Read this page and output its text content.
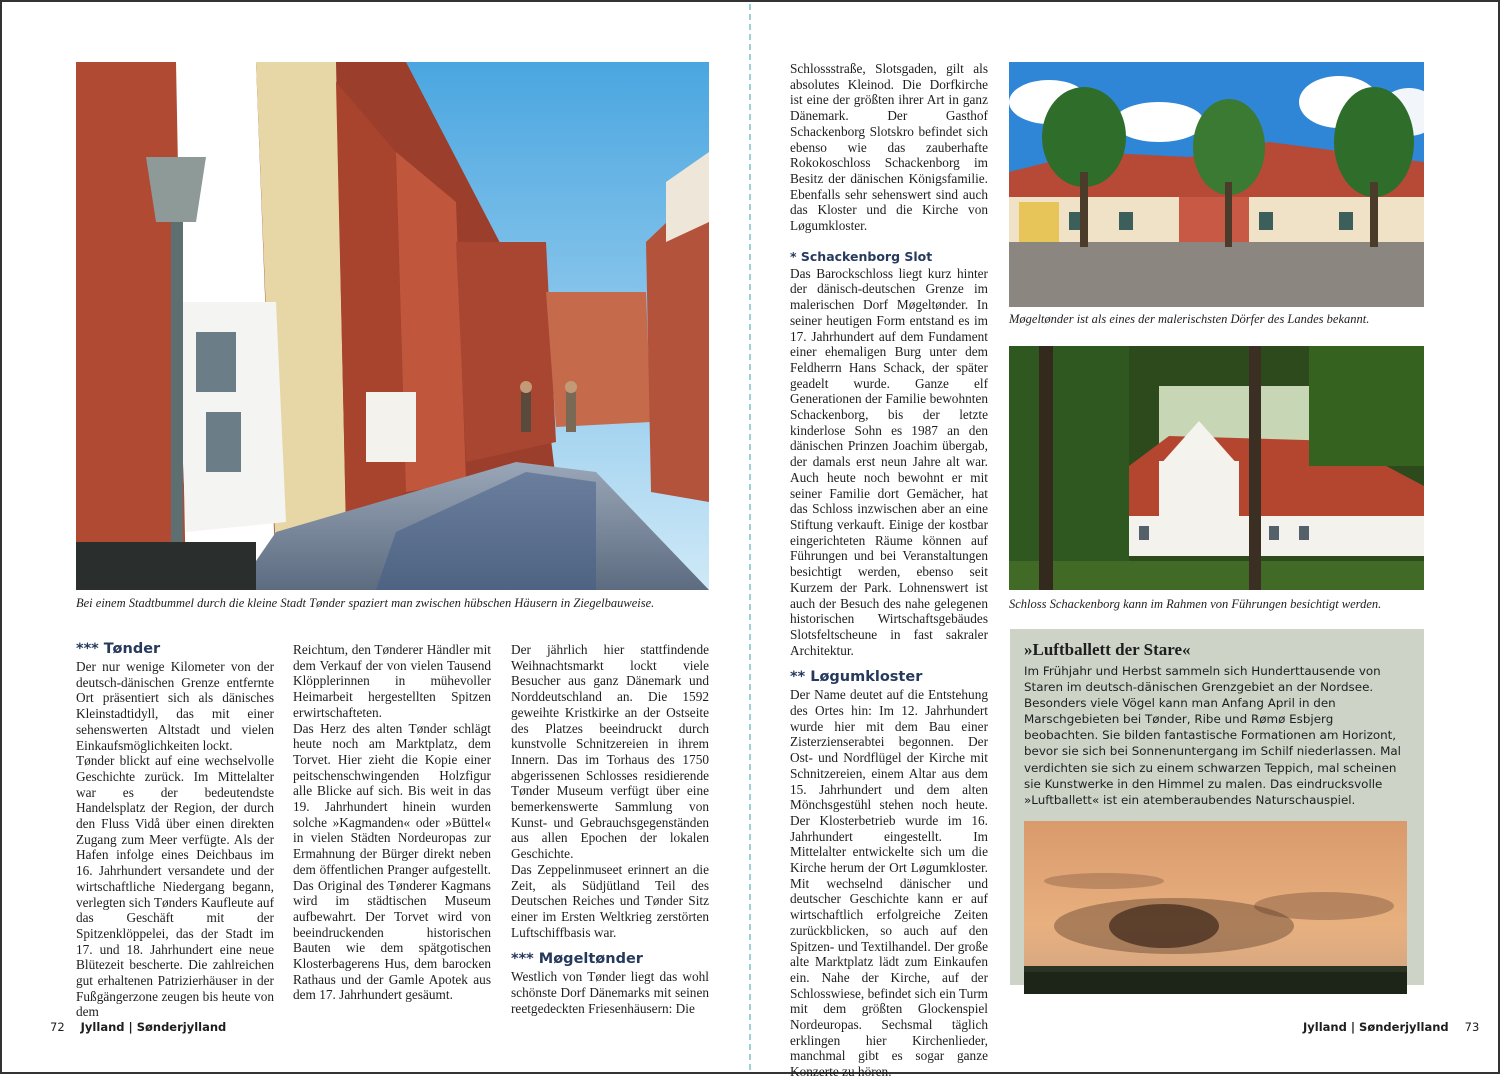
Bei einem Stadtbummel durch die kleine Stadt Tønder spaziert man zwischen hübschen Häusern in Ziegelbauweise.
*** Tønder

Der nur wenige Kilometer von der deutsch-dänischen Grenze entfernte Ort präsentiert sich als dänisches Kleinstadtidyll, das mit einer sehenswerten Altstadt und vielen Einkaufsmöglichkeiten lockt.

Tønder blickt auf eine wechselvolle Geschichte zurück. Im Mittelalter war es der bedeutendste Handelsplatz der Region, der durch den Fluss Vidå über einen direkten Zugang zum Meer verfügte. Als der Hafen infolge eines Deichbaus im 16. Jahrhundert versandete und der wirtschaftliche Niedergang begann, verlegten sich Tønders Kaufleute auf das Geschäft mit der Spitzenklöppelei, das der Stadt im 17. und 18. Jahrhundert eine neue Blütezeit bescherte. Die zahlreichen gut erhaltenen Patrizierhäuser in der Fußgängerzone zeugen bis heute von dem

Reichtum, den Tønderer Händler mit dem Verkauf der von vielen Tausend Klöpplerinnen in mühevoller Heimarbeit hergestellten Spitzen erwirtschafteten.

Das Herz des alten Tønder schlägt heute noch am Marktplatz, dem Torvet. Hier zieht die Kopie einer peitschenschwingenden Holzfigur alle Blicke auf sich. Bis weit in das 19. Jahrhundert hinein wurden solche »Kagmanden« oder »Büttel« in vielen Städten Nordeuropas zur Ermahnung der Bürger direkt neben dem öffentlichen Pranger aufgestellt. Das Original des Tønderer Kagmans wird im städtischen Museum aufbewahrt. Der Torvet wird von beeindruckenden historischen Bauten wie dem spätgotischen Klosterbagerens Hus, dem barocken Rathaus und der Gamle Apotek aus dem 17. Jahrhundert gesäumt.

Der jährlich hier stattfindende Weihnachtsmarkt lockt viele Besucher aus ganz Dänemark und Norddeutschland an. Die 1592 geweihte Kristkirke an der Ostseite des Platzes beeindruckt durch kunstvolle Schnitzereien in ihrem Innern. Das im Torhaus des 1750 abgerissenen Schlosses residierende Tønder Museum verfügt über eine bemerkenswerte Sammlung von Kunst- und Gebrauchsgegenständen aus allen Epochen der lokalen Geschichte.

Das Zeppelinmuseet erinnert an die Zeit, als Südjütland Teil des Deutschen Reiches und Tønder Sitz einer im Ersten Weltkrieg zerstörten Luftschiffbasis war.

*** Møgeltønder

Westlich von Tønder liegt das wohl schönste Dorf Dänemarks mit seinen reetgedeckten Friesenhäusern: Die

72 Jylland | Sønderjylland

Schlossstraße, Slotsgaden, gilt als absolutes Kleinod. Die Dorfkirche ist eine der größten ihrer Art in ganz Dänemark. Der Gasthof Schackenborg Slotskro befindet sich ebenso wie das zauberhafte Rokokoschloss Schackenborg im Besitz der dänischen Königsfamilie. Ebenfalls sehr sehenswert sind auch das Kloster und die Kirche von Løgumkloster.

* Schackenborg Slot

Das Barockschloss liegt kurz hinter der dänisch-deutschen Grenze im malerischen Dorf Møgeltønder. In seiner heutigen Form entstand es im 17. Jahrhundert auf dem Fundament einer ehemaligen Burg unter dem Feldherrn Hans Schack, der später geadelt wurde. Ganze elf Generationen der Familie bewohnten Schackenborg, bis der letzte kinderlose Sohn es 1987 an den dänischen Prinzen Joachim übergab, der damals erst neun Jahre alt war. Auch heute noch bewohnt er mit seiner Familie dort Gemächer, hat das Schloss inzwischen aber an eine Stiftung verkauft. Einige der kostbar eingerichteten Räume können auf Führungen und bei Veranstaltungen besichtigt werden, ebenso seit Kurzem der Park. Lohnenswert ist auch der Besuch des nahe gelegenen historischen Wirtschaftsgebäudes Slotsfeltscheune in fast sakraler Architektur.

** Løgumkloster

Der Name deutet auf die Entstehung des Ortes hin: Im 12. Jahrhundert wurde hier mit dem Bau einer Zisterzienserabtei begonnen. Der Ost- und Nordflügel der Kirche mit Schnitzereien, einem Altar aus dem 15. Jahrhundert und dem alten Mönchsgestühl stehen noch heute. Der Klosterbetrieb wurde im 16. Jahrhundert eingestellt. Im Mittelalter entwickelte sich um die Kirche herum der Ort Løgumkloster. Mit wechselnd dänischer und deutscher Geschichte kann er auf wirtschaftlich erfolgreiche Zeiten zurückblicken, so auch auf den Spitzen- und Textilhandel. Der große alte Marktplatz lädt zum Einkaufen ein. Nahe der Kirche, auf der Schlosswiese, befindet sich ein Turm mit dem größten Glockenspiel Nordeuropas. Sechsmal täglich erklingen hier Kirchenlieder, manchmal gibt es sogar ganze Konzerte zu hören.

Møgeltønder ist als eines der malerischsten Dörfer des Landes bekannt.
Schloss Schackenborg kann im Rahmen von Führungen besichtigt werden.
»Luftballett der Stare«

Im Frühjahr und Herbst sammeln sich Hunderttausende von Staren im deutsch-dänischen Grenzgebiet an der Nordsee. Besonders viele Vögel kann man Anfang April in den Marschgebieten bei Tønder, Ribe und Rømø Esbjerg beobachten. Sie bilden fantastische Formationen am Horizont, bevor sie sich bei Sonnenuntergang im Schilf niederlassen. Mal verdichten sie sich zu einem schwarzen Teppich, mal scheinen sie Kunstwerke in den Himmel zu malen. Das eindrucksvolle »Luftballett« ist ein atemberaubendes Naturschauspiel.

Jylland | Sønderjylland 73
